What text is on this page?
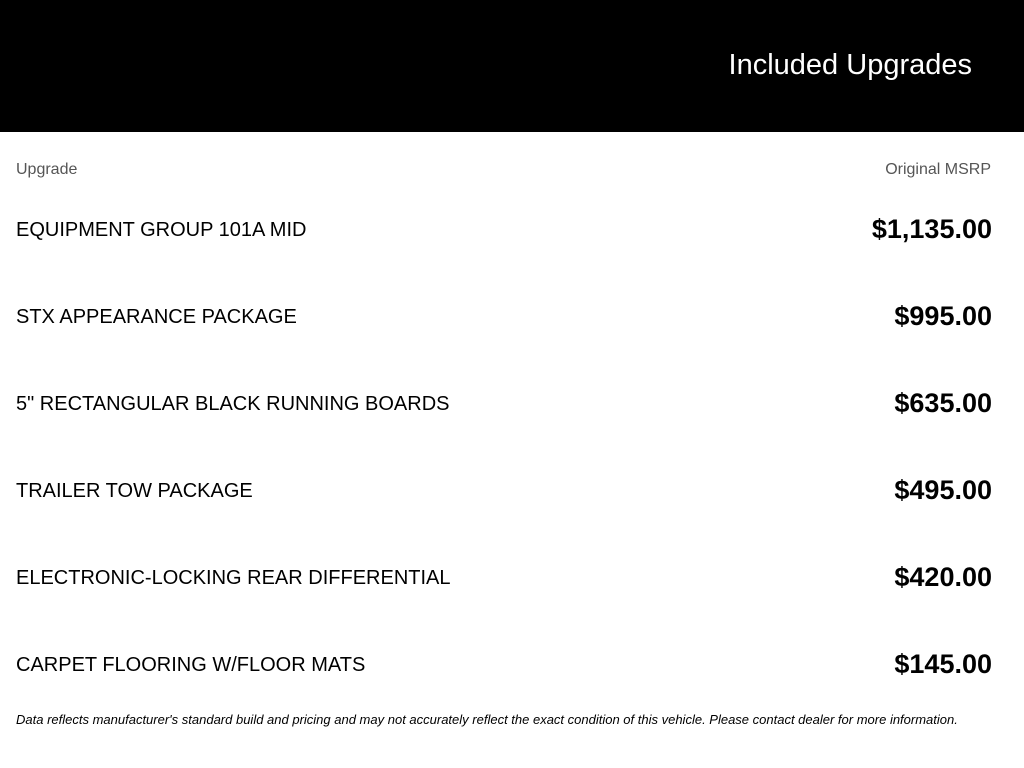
Included Upgrades
Upgrade	Original MSRP
EQUIPMENT GROUP 101A MID	$1,135.00
STX APPEARANCE PACKAGE	$995.00
5" RECTANGULAR BLACK RUNNING BOARDS	$635.00
TRAILER TOW PACKAGE	$495.00
ELECTRONIC-LOCKING REAR DIFFERENTIAL	$420.00
CARPET FLOORING W/FLOOR MATS	$145.00
Data reflects manufacturer's standard build and pricing and may not accurately reflect the exact condition of this vehicle. Please contact dealer for more information.
